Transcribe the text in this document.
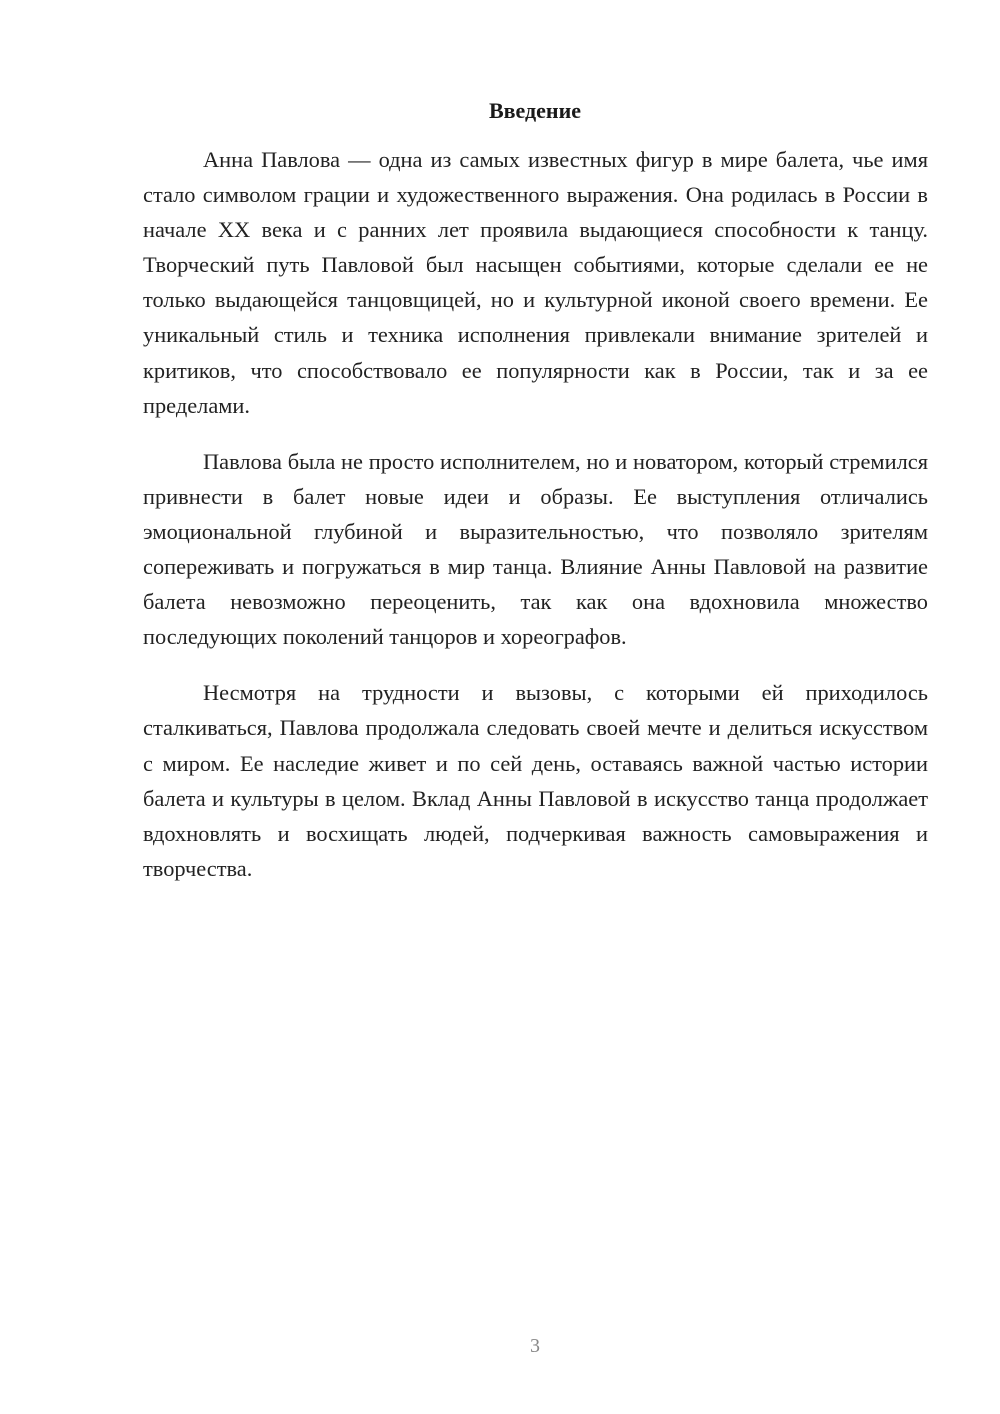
Введение

Анна Павлова — одна из самых известных фигур в мире балета, чье имя стало символом грации и художественного выражения. Она родилась в России в начале XX века и с ранних лет проявила выдающиеся способности к танцу. Творческий путь Павловой был насыщен событиями, которые сделали ее не только выдающейся танцовщицей, но и культурной иконой своего времени. Ее уникальный стиль и техника исполнения привлекали внимание зрителей и критиков, что способствовало ее популярности как в России, так и за ее пределами.

Павлова была не просто исполнителем, но и новатором, который стремился привнести в балет новые идеи и образы. Ее выступления отличались эмоциональной глубиной и выразительностью, что позволяло зрителям сопереживать и погружаться в мир танца. Влияние Анны Павловой на развитие балета невозможно переоценить, так как она вдохновила множество последующих поколений танцоров и хореографов.

Несмотря на трудности и вызовы, с которыми ей приходилось сталкиваться, Павлова продолжала следовать своей мечте и делиться искусством с миром. Ее наследие живет и по сей день, оставаясь важной частью истории балета и культуры в целом. Вклад Анны Павловой в искусство танца продолжает вдохновлять и восхищать людей, подчеркивая важность самовыражения и творчества.

3
